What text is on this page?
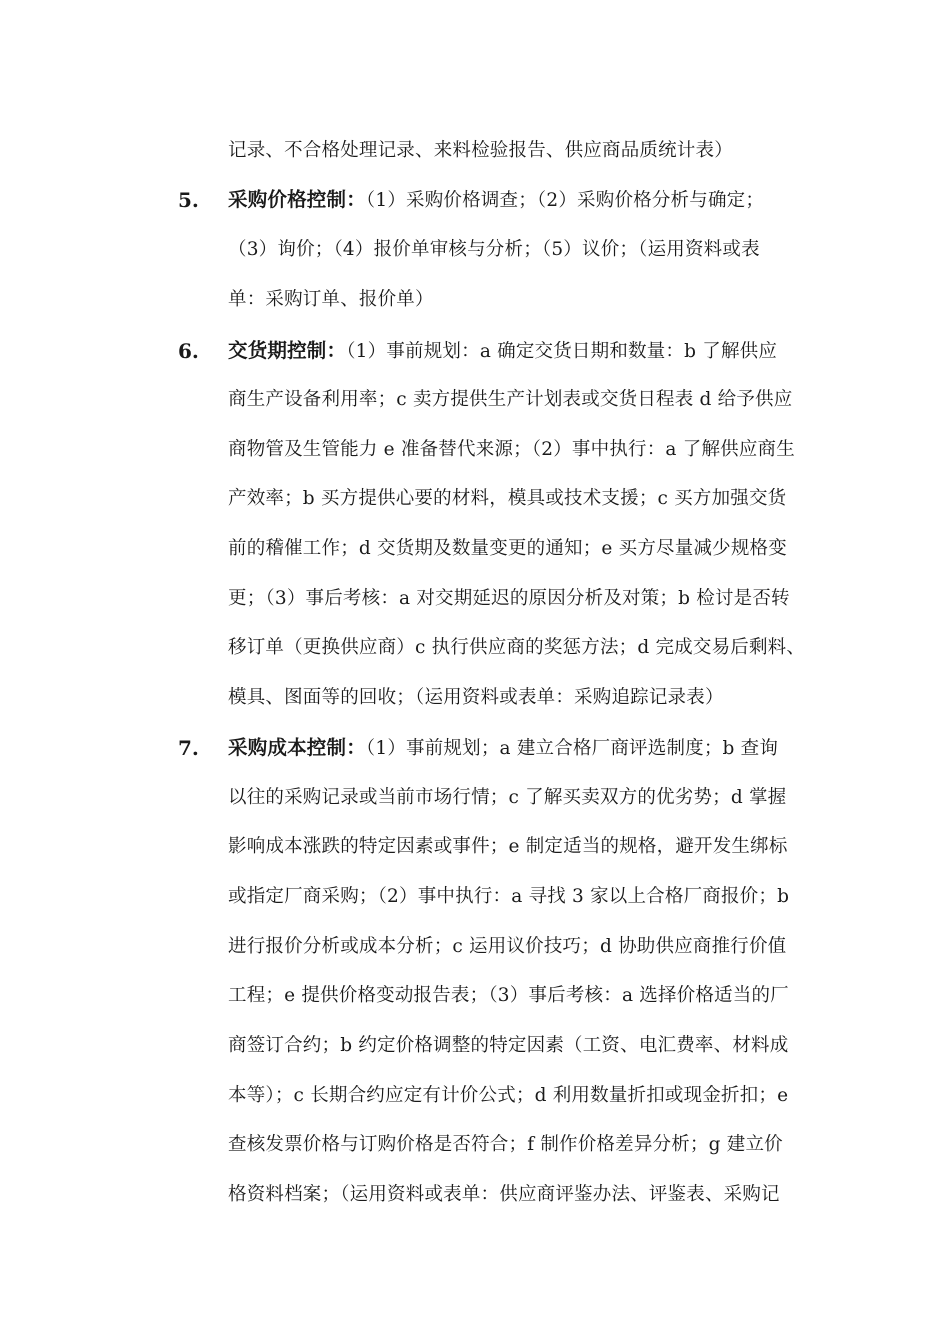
记录、不合格处理记录、来料检验报告、供应商品质统计表）
5. 采购价格控制：（1）采购价格调查；（2）采购价格分析与确定；
（3）询价；（4）报价单审核与分析；（5）议价；（运用资料或表
单：采购订单、报价单）
6. 交货期控制：（1）事前规划：a 确定交货日期和数量：b 了解供应
商生产设备利用率；c 卖方提供生产计划表或交货日程表 d 给予供应
商物管及生管能力 e 准备替代来源；（2）事中执行：a 了解供应商生
产效率；b 买方提供心要的材料，模具或技术支援；c 买方加强交货
前的稽催工作；d 交货期及数量变更的通知；e 买方尽量减少规格变
更；（3）事后考核：a 对交期延迟的原因分析及对策；b 检讨是否转
移订单（更换供应商）c 执行供应商的奖惩方法；d 完成交易后剩料、
模具、图面等的回收；（运用资料或表单：采购追踪记录表）
7. 采购成本控制：（1）事前规划；a 建立合格厂商评选制度；b 查询
以往的采购记录或当前市场行情；c 了解买卖双方的优劣势；d 掌握
影响成本涨跌的特定因素或事件；e 制定适当的规格，避开发生绑标
或指定厂商采购；（2）事中执行：a 寻找 3 家以上合格厂商报价；b
进行报价分析或成本分析；c 运用议价技巧；d 协助供应商推行价值
工程；e 提供价格变动报告表；（3）事后考核：a 选择价格适当的厂
商签订合约；b 约定价格调整的特定因素（工资、电汇费率、材料成
本等）；c 长期合约应定有计价公式；d 利用数量折扣或现金折扣；e
查核发票价格与订购价格是否符合；f 制作价格差异分析；g 建立价
格资料档案；（运用资料或表单：供应商评鉴办法、评鉴表、采购记
